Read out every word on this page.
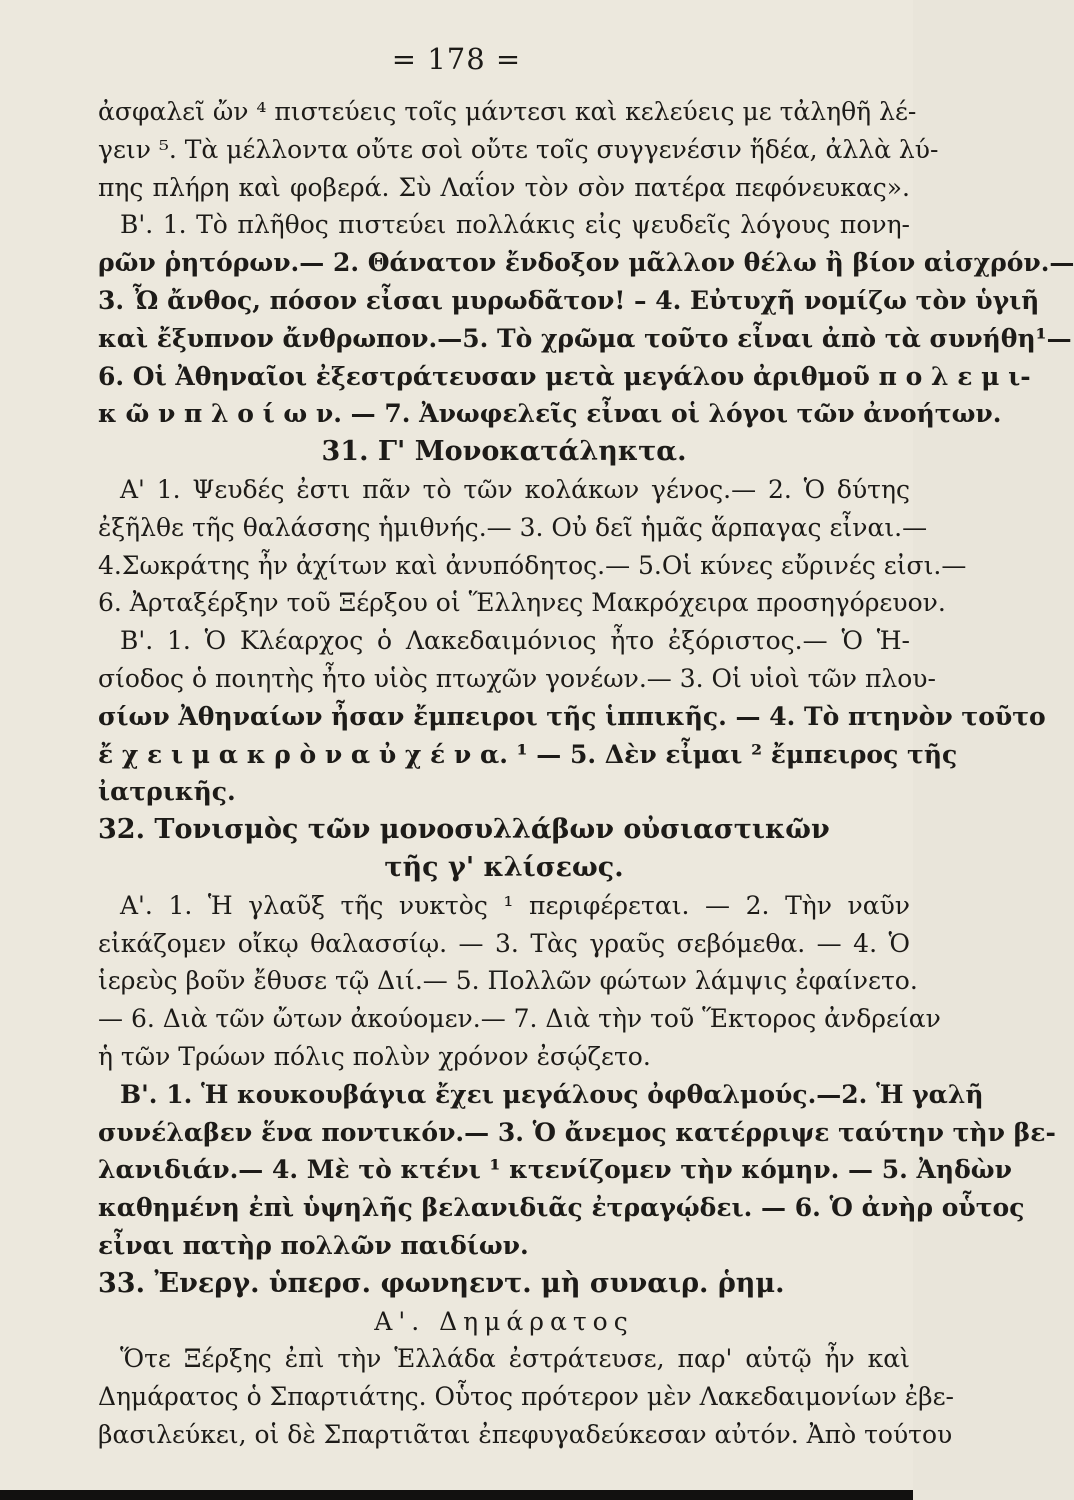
= 178 =
ἀσφαλεῖ ὤν ⁴ πιστεύεις τοῖς μάντεσι καὶ κελεύεις με τἀληθῆ λέ-
γειν ⁵. Τὰ μέλλοντα οὔτε σοὶ οὔτε τοῖς συγγενέσιν ἥδέα, ἀλλὰ λύ-
πης πλήρη καὶ φοβερά. Σὺ Λαΐον τὸν σὸν πατέρα πεφόνευκας».
Β'. 1. Τὸ πλῆθος πιστεύει πολλάκις εἰς ψευδεῖς λόγους πονη-
ρῶν ῥητόρων.— 2. Θάνατον ἔνδοξον μᾶλλον θέλω ἢ βίον αἰσχρόν.—
3. Ὦ ἄνθος, πόσον εἶσαι μυρωδᾶτον! – 4. Εὐτυχῆ νομίζω τὸν ὑγιῆ
καὶ ἔξυπνον ἄνθρωπον.—5. Τὸ χρῶμα τοῦτο εἶναι ἀπὸ τὰ συνήθη¹—
6. Οἱ Ἀθηναῖοι ἐξεστράτευσαν μετὰ μεγάλου ἀριθμοῦ π ο λ ε μ ι-
κ ῶ ν π λ ο ί ω ν. — 7. Ἀνωφελεῖς εἶναι οἱ λόγοι τῶν ἀνοήτων.
31. Γ' Μονοκατάληκτα.
Α' 1. Ψευδές ἐστι πᾶν τὸ τῶν κολάκων γένος.— 2. Ὁ δύτης
ἐξῆλθε τῆς θαλάσσης ἡμιθνής.— 3. Οὐ δεῖ ἡμᾶς ἅρπαγας εἶναι.—
4.Σωκράτης ἦν ἀχίτων καὶ ἀνυπόδητος.— 5.Οἱ κύνες εὔρινές εἰσι.—
6. Ἀρταξέρξην τοῦ Ξέρξου οἱ Ἕλληνες Μακρόχειρα προσηγόρευον.
Β'. 1. Ὁ Κλέαρχος ὁ Λακεδαιμόνιος ἦτο ἐξόριστος.— Ὁ Ἡ-
σίοδος ὁ ποιητὴς ἦτο υἱὸς πτωχῶν γονέων.— 3. Οἱ υἱοὶ τῶν πλου-
σίων Ἀθηναίων ἦσαν ἔμπειροι τῆς ἱππικῆς. — 4. Τὸ πτηνὸν τοῦτο
ἔ χ ε ι μ α κ ρ ὸ ν α ὐ χ έ ν α. ¹ — 5. Δὲν εἶμαι ² ἔμπειρος τῆς
ἰατρικῆς.
32. Τονισμὸς τῶν μονοσυλλάβων οὐσιαστικῶν
τῆς γ' κλίσεως.
Α'. 1. Ἡ γλαῦξ τῆς νυκτὸς ¹ περιφέρεται. — 2. Τὴν ναῦν
εἰκάζομεν οἴκῳ θαλασσίῳ. — 3. Τὰς γραῦς σεβόμεθα. — 4. Ὁ
ἱερεὺς βοῦν ἔθυσε τῷ Διί.— 5. Πολλῶν φώτων λάμψις ἐφαίνετο.
— 6. Διὰ τῶν ὤτων ἀκούομεν.— 7. Διὰ τὴν τοῦ Ἕκτορος ἀνδρείαν
ἡ τῶν Τρώων πόλις πολὺν χρόνον ἐσῴζετο.
Β'. 1. Ἡ κουκουβάγια ἔχει μεγάλους ὀφθαλμούς.—2. Ἡ γαλῆ
συνέλαβεν ἕνα ποντικόν.— 3. Ὁ ἄνεμος κατέρριψε ταύτην τὴν βε-
λανιδιάν.— 4. Μὲ τὸ κτένι ¹ κτενίζομεν τὴν κόμην. — 5. Ἀηδὼν
καθημένη ἐπὶ ὑψηλῆς βελανιδιᾶς ἐτραγῴδει. — 6. Ὁ ἀνὴρ οὗτος
εἶναι πατὴρ πολλῶν παιδίων.
33. Ἐνεργ. ὑπερσ. φωνηεντ. μὴ συναιρ. ῥημ.
Α'. Δημάρατος
Ὅτε Ξέρξης ἐπὶ τὴν Ἑλλάδα ἐστράτευσε, παρ' αὐτῷ ἦν καὶ
Δημάρατος ὁ Σπαρτιάτης. Οὗτος πρότερον μὲν Λακεδαιμονίων ἐβε-
βασιλεύκει, οἱ δὲ Σπαρτιᾶται ἐπεφυγαδεύκεσαν αὐτόν. Ἀπὸ τούτου
